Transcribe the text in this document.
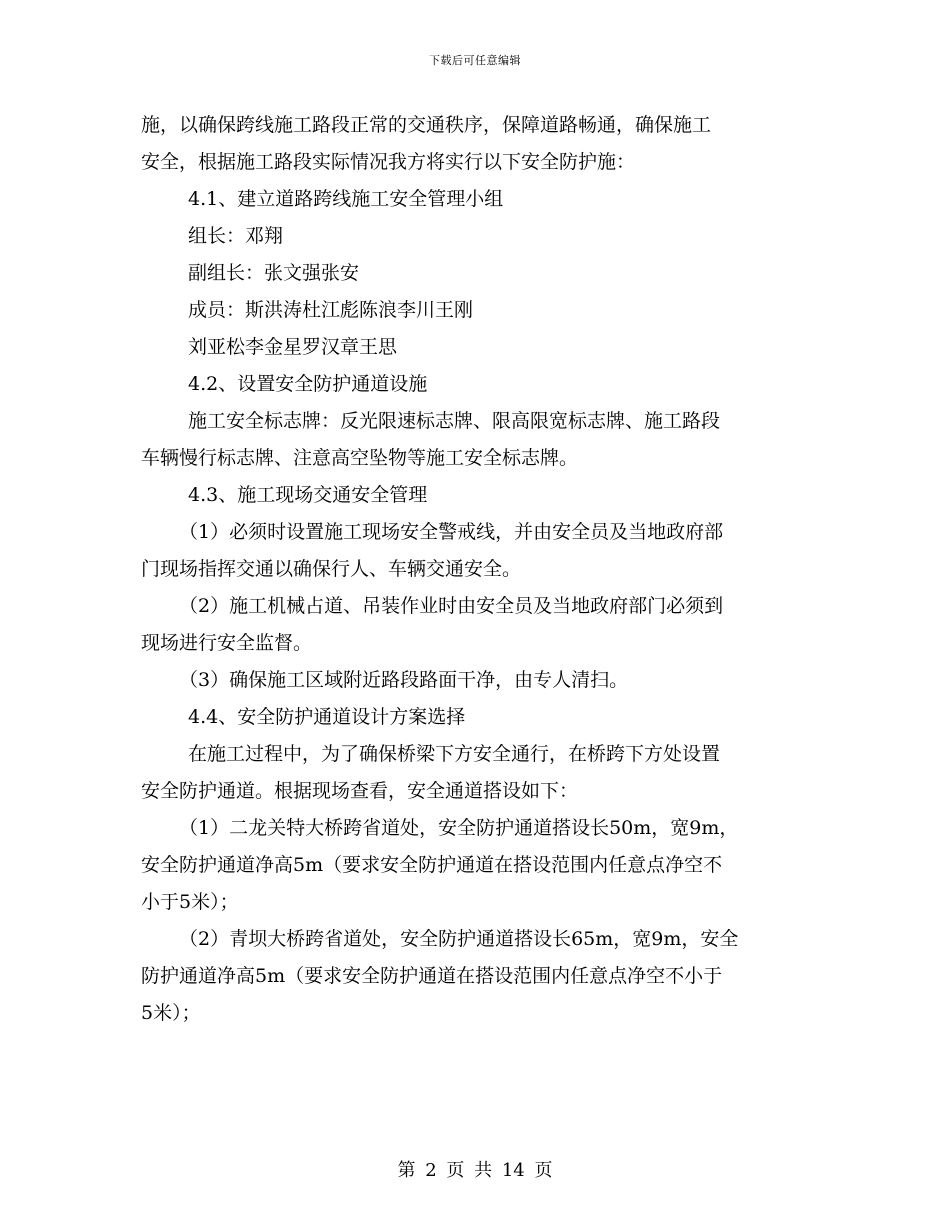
下载后可任意编辑
施，以确保跨线施工路段正常的交通秩序，保障道路畅通，确保施工
安全，根据施工路段实际情况我方将实行以下安全防护施：
4.1、建立道路跨线施工安全管理小组
组长：邓翔
副组长：张文强张安
成员：斯洪涛杜江彪陈浪李川王刚
刘亚松李金星罗汉章王思
4.2、设置安全防护通道设施
施工安全标志牌：反光限速标志牌、限高限宽标志牌、施工路段
车辆慢行标志牌、注意高空坠物等施工安全标志牌。
4.3、施工现场交通安全管理
（1）必须时设置施工现场安全警戒线，并由安全员及当地政府部
门现场指挥交通以确保行人、车辆交通安全。
（2）施工机械占道、吊装作业时由安全员及当地政府部门必须到
现场进行安全监督。
（3）确保施工区域附近路段路面干净，由专人清扫。
4.4、安全防护通道设计方案选择
在施工过程中，为了确保桥梁下方安全通行，在桥跨下方处设置
安全防护通道。根据现场查看，安全通道搭设如下：
（1）二龙关特大桥跨省道处，安全防护通道搭设长50m，宽9m，
安全防护通道净高5m（要求安全防护通道在搭设范围内任意点净空不
小于5米）；
（2）青坝大桥跨省道处，安全防护通道搭设长65m，宽9m，安全
防护通道净高5m（要求安全防护通道在搭设范围内任意点净空不小于
5米）；
第 2 页 共 14 页
